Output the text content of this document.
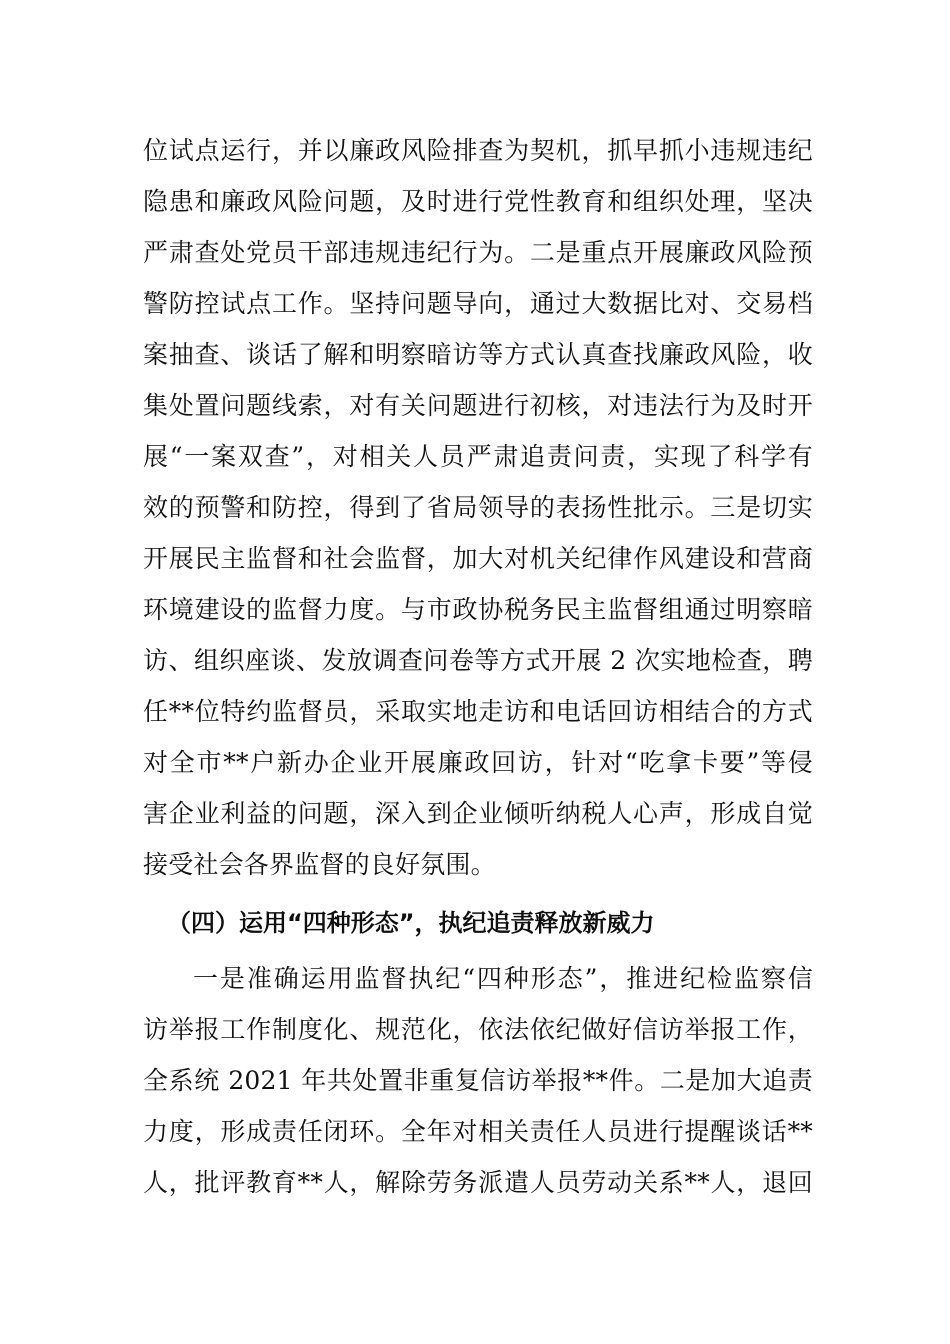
位试点运行，并以廉政风险排查为契机，抓早抓小违规违纪
隐患和廉政风险问题，及时进行党性教育和组织处理，坚决
严肃查处党员干部违规违纪行为。二是重点开展廉政风险预
警防控试点工作。坚持问题导向，通过大数据比对、交易档
案抽查、谈话了解和明察暗访等方式认真查找廉政风险，收
集处置问题线索，对有关问题进行初核，对违法行为及时开
展“一案双查”，对相关人员严肃追责问责，实现了科学有
效的预警和防控，得到了省局领导的表扬性批示。三是切实
开展民主监督和社会监督，加大对机关纪律作风建设和营商
环境建设的监督力度。与市政协税务民主监督组通过明察暗
访、组织座谈、发放调查问卷等方式开展 2 次实地检查，聘
任**位特约监督员，采取实地走访和电话回访相结合的方式
对全市**户新办企业开展廉政回访，针对“吃拿卡要”等侵
害企业利益的问题，深入到企业倾听纳税人心声，形成自觉
接受社会各界监督的良好氛围。
（四）运用“四种形态”，执纪追责释放新威力
一是准确运用监督执纪“四种形态”，推进纪检监察信
访举报工作制度化、规范化，依法依纪做好信访举报工作，
全系统 2021 年共处置非重复信访举报**件。二是加大追责
力度，形成责任闭环。全年对相关责任人员进行提醒谈话**
人，批评教育**人，解除劳务派遣人员劳动关系**人，退回
